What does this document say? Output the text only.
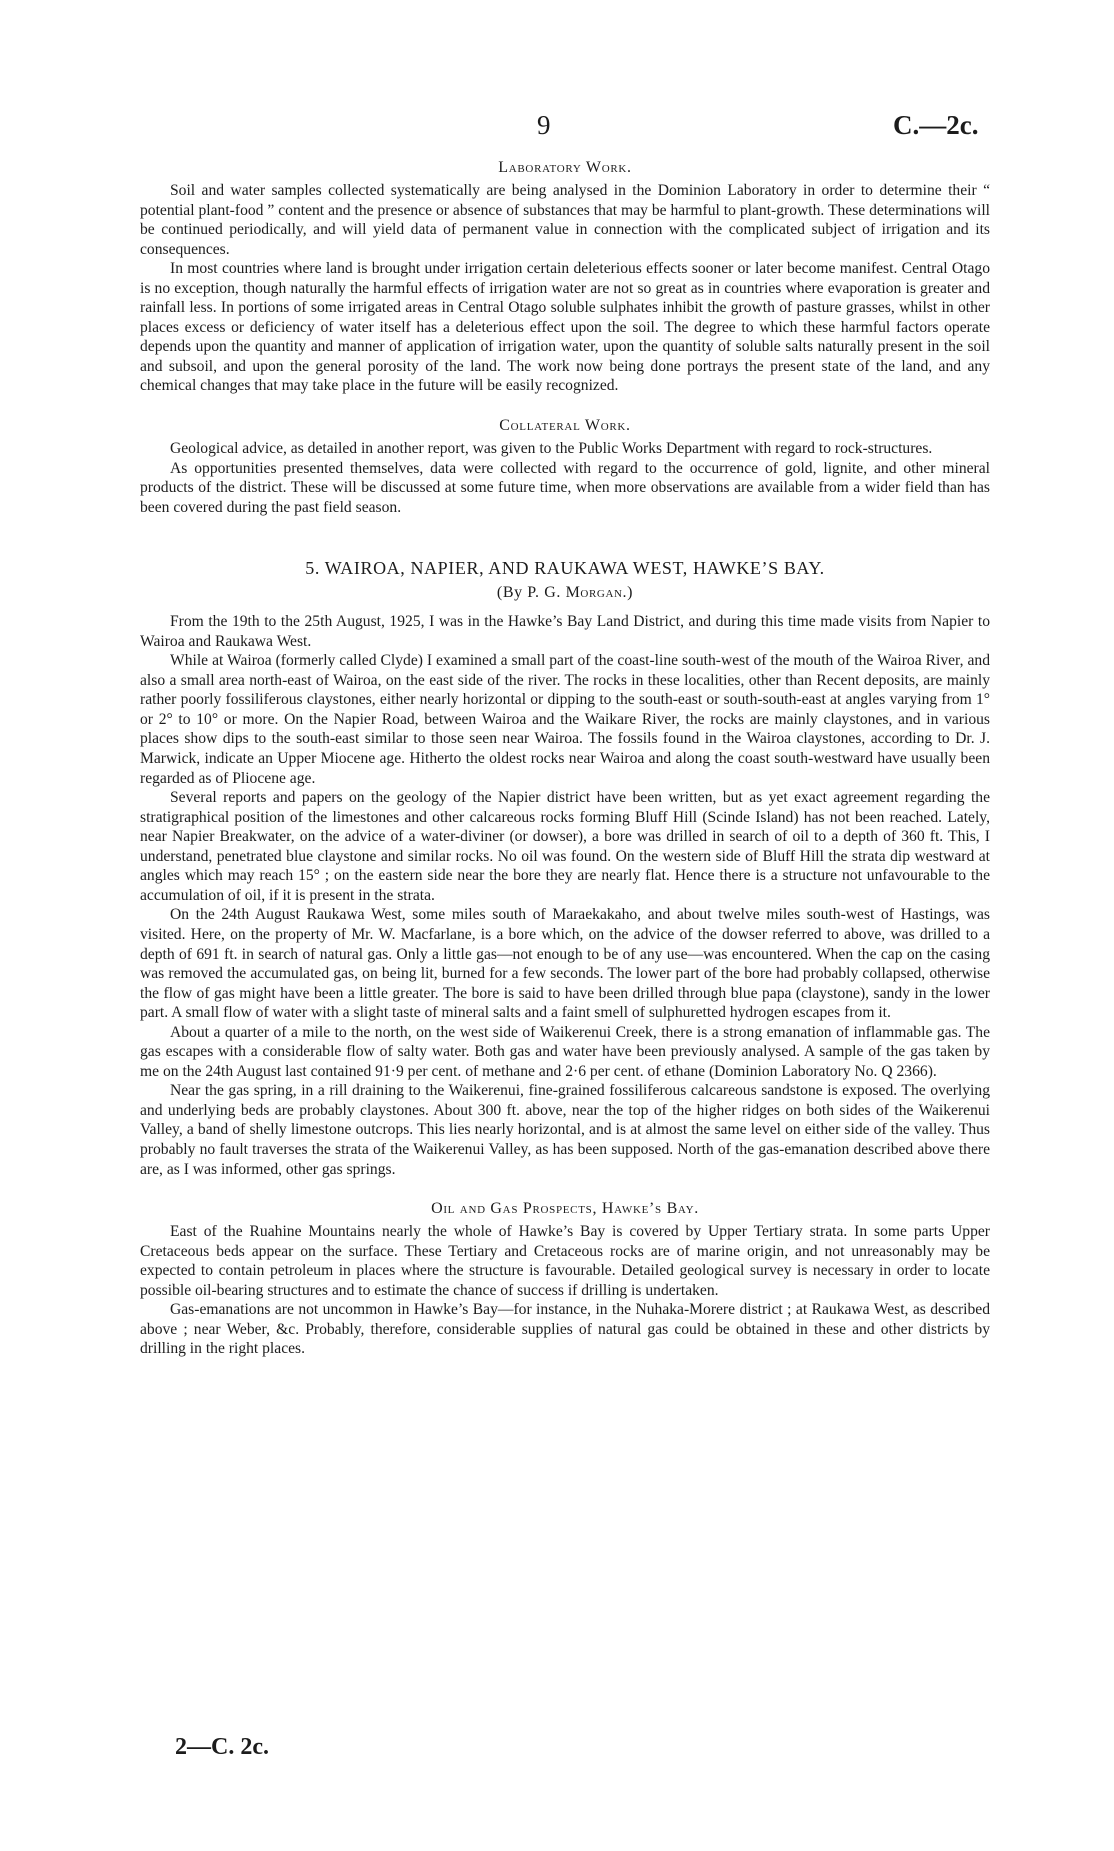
9	C.—2c.
Laboratory Work.

Soil and water samples collected systematically are being analysed in the Dominion Laboratory in order to determine their “ potential plant-food ” content and the presence or absence of substances that may be harmful to plant-growth. These determinations will be continued periodically, and will yield data of permanent value in connection with the complicated subject of irrigation and its consequences.

In most countries where land is brought under irrigation certain deleterious effects sooner or later become manifest. Central Otago is no exception, though naturally the harmful effects of irrigation water are not so great as in countries where evaporation is greater and rainfall less. In portions of some irrigated areas in Central Otago soluble sulphates inhibit the growth of pasture grasses, whilst in other places excess or deficiency of water itself has a deleterious effect upon the soil. The degree to which these harmful factors operate depends upon the quantity and manner of application of irrigation water, upon the quantity of soluble salts naturally present in the soil and subsoil, and upon the general porosity of the land. The work now being done portrays the present state of the land, and any chemical changes that may take place in the future will be easily recognized.

Collateral Work.

Geological advice, as detailed in another report, was given to the Public Works Department with regard to rock-structures.

As opportunities presented themselves, data were collected with regard to the occurrence of gold, lignite, and other mineral products of the district. These will be discussed at some future time, when more observations are available from a wider field than has been covered during the past field season.

5. WAIROA, NAPIER, AND RAUKAWA WEST, HAWKE’S BAY.
(By P. G. Morgan.)

From the 19th to the 25th August, 1925, I was in the Hawke’s Bay Land District, and during this time made visits from Napier to Wairoa and Raukawa West.

While at Wairoa (formerly called Clyde) I examined a small part of the coast-line south-west of the mouth of the Wairoa River, and also a small area north-east of Wairoa, on the east side of the river. The rocks in these localities, other than Recent deposits, are mainly rather poorly fossiliferous claystones, either nearly horizontal or dipping to the south-east or south-south-east at angles varying from 1° or 2° to 10° or more. On the Napier Road, between Wairoa and the Waikare River, the rocks are mainly claystones, and in various places show dips to the south-east similar to those seen near Wairoa. The fossils found in the Wairoa claystones, according to Dr. J. Marwick, indicate an Upper Miocene age. Hitherto the oldest rocks near Wairoa and along the coast south-westward have usually been regarded as of Pliocene age.

Several reports and papers on the geology of the Napier district have been written, but as yet exact agreement regarding the stratigraphical position of the limestones and other calcareous rocks forming Bluff Hill (Scinde Island) has not been reached. Lately, near Napier Breakwater, on the advice of a water-diviner (or dowser), a bore was drilled in search of oil to a depth of 360 ft. This, I understand, penetrated blue claystone and similar rocks. No oil was found. On the western side of Bluff Hill the strata dip westward at angles which may reach 15° ; on the eastern side near the bore they are nearly flat. Hence there is a structure not unfavourable to the accumulation of oil, if it is present in the strata.

On the 24th August Raukawa West, some miles south of Maraekakaho, and about twelve miles south-west of Hastings, was visited. Here, on the property of Mr. W. Macfarlane, is a bore which, on the advice of the dowser referred to above, was drilled to a depth of 691 ft. in search of natural gas. Only a little gas—not enough to be of any use—was encountered. When the cap on the casing was removed the accumulated gas, on being lit, burned for a few seconds. The lower part of the bore had probably collapsed, otherwise the flow of gas might have been a little greater. The bore is said to have been drilled through blue papa (claystone), sandy in the lower part. A small flow of water with a slight taste of mineral salts and a faint smell of sulphuretted hydrogen escapes from it.

About a quarter of a mile to the north, on the west side of Waikerenui Creek, there is a strong emanation of inflammable gas. The gas escapes with a considerable flow of salty water. Both gas and water have been previously analysed. A sample of the gas taken by me on the 24th August last contained 91·9 per cent. of methane and 2·6 per cent. of ethane (Dominion Laboratory No. Q 2366).

Near the gas spring, in a rill draining to the Waikerenui, fine-grained fossiliferous calcareous sandstone is exposed. The overlying and underlying beds are probably claystones. About 300 ft. above, near the top of the higher ridges on both sides of the Waikerenui Valley, a band of shelly limestone outcrops. This lies nearly horizontal, and is at almost the same level on either side of the valley. Thus probably no fault traverses the strata of the Waikerenui Valley, as has been supposed. North of the gas-emanation described above there are, as I was informed, other gas springs.

Oil and Gas Prospects, Hawke’s Bay.

East of the Ruahine Mountains nearly the whole of Hawke’s Bay is covered by Upper Tertiary strata. In some parts Upper Cretaceous beds appear on the surface. These Tertiary and Cretaceous rocks are of marine origin, and not unreasonably may be expected to contain petroleum in places where the structure is favourable. Detailed geological survey is necessary in order to locate possible oil-bearing structures and to estimate the chance of success if drilling is undertaken.

Gas-emanations are not uncommon in Hawke’s Bay—for instance, in the Nuhaka-Morere district ; at Raukawa West, as described above ; near Weber, &c. Probably, therefore, considerable supplies of natural gas could be obtained in these and other districts by drilling in the right places.

2—C. 2c.
